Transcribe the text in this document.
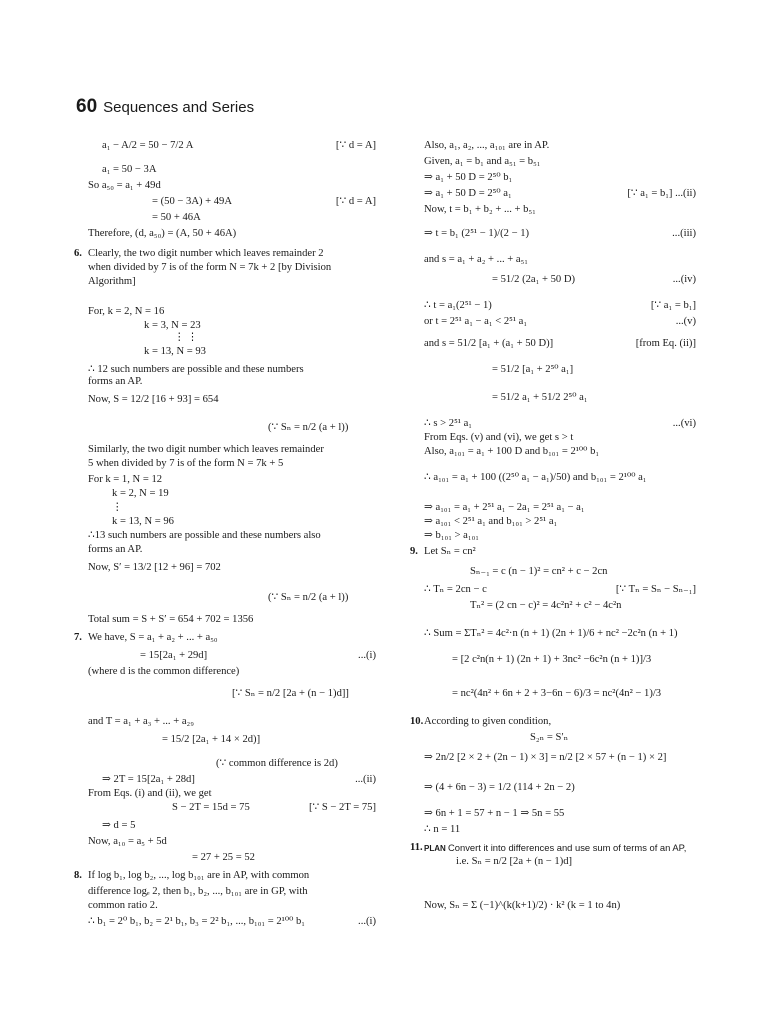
60 Sequences and Series
a₁ − A/2 = 50 − 7/2 A	[∵ d = A]
a₁ = 50 − 3A
So a₅₀ = a₁ + 49d
= (50 − 3A) + 49A	[∵ d = A]
= 50 + 46A
Therefore, (d, a₅₀) = (A, 50 + 46A)
6. Clearly, the two digit number which leaves remainder 2
when divided by 7 is of the form N = 7k + 2 [by Division
Algorithm]
For, k = 2, N = 16
k = 3, N = 23
⋮ ⋮
k = 13, N = 93
∴ 12 such numbers are possible and these numbers
forms an AP.
Now, S = 12/2 [16 + 93] = 654
(∵ Sₙ = n/2 (a + l))
Similarly, the two digit number which leaves remainder
5 when divided by 7 is of the form N = 7k + 5
For k = 1, N = 12
k = 2, N = 19
⋮
k = 13, N = 96
∴13 such numbers are possible and these numbers also
forms an AP.
Now, S′ = 13/2 [12 + 96] = 702
(∵ Sₙ = n/2 (a + l))
Total sum = S + S′ = 654 + 702 = 1356
7. We have, S = a₁ + a₂ + ... + a₅₀
= 15[2a₁ + 29d]	...(i)
(where d is the common difference)
[∵ Sₙ = n/2 [2a + (n − 1)d]]
and T = a₁ + a₃ + ... + a₂₉
= 15/2 [2a₁ + 14 × 2d)]
(∵ common difference is 2d)
⇒ 2T = 15[2a₁ + 28d]	...(ii)
From Eqs. (i) and (ii), we get
S − 2T = 15d = 75	[∵ S − 2T = 75]
⇒ d = 5
Now, a₁₀ = a₅ + 5d
= 27 + 25 = 52
8. If log b₁, log b₂, ..., log b₁₀₁ are in AP, with common
difference logₑ 2, then b₁, b₂, ..., b₁₀₁ are in GP, with
common ratio 2.
∴ b₁ = 2⁰ b₁, b₂ = 2¹ b₁, b₃ = 2² b₁, ..., b₁₀₁ = 2¹⁰⁰ b₁	...(i)
Also, a₁, a₂, ..., a₁₀₁ are in AP.
Given, a₁ = b₁ and a₅₁ = b₅₁
⇒ a₁ + 50 D = 2⁵⁰ b₁
⇒ a₁ + 50 D = 2⁵⁰ a₁	[∵ a₁ = b₁] ...(ii)
Now, t = b₁ + b₂ + ... + b₅₁
⇒ t = b₁ (2⁵¹ − 1)/(2 − 1)	...(iii)
and s = a₁ + a₂ + ... + a₅₁
= 51/2 (2a₁ + 50 D)	...(iv)
∴ t = a₁(2⁵¹ − 1)	[∵ a₁ = b₁]
or t = 2⁵¹ a₁ − a₁ < 2⁵¹ a₁	...(v)
and s = 51/2 [a₁ + (a₁ + 50 D)]	[from Eq. (ii)]
= 51/2 [a₁ + 2⁵⁰ a₁]
= 51/2 a₁ + 51/2 2⁵⁰ a₁
∴ s > 2⁵¹ a₁	...(vi)
From Eqs. (v) and (vi), we get s > t
Also, a₁₀₁ = a₁ + 100 D and b₁₀₁ = 2¹⁰⁰ b₁
∴ a₁₀₁ = a₁ + 100 ((2⁵⁰ a₁ − a₁)/50) and b₁₀₁ = 2¹⁰⁰ a₁
⇒ a₁₀₁ = a₁ + 2⁵¹ a₁ − 2a₁ = 2⁵¹ a₁ − a₁
⇒ a₁₀₁ < 2⁵¹ a₁ and b₁₀₁ > 2⁵¹ a₁
⇒ b₁₀₁ > a₁₀₁
9. Let Sₙ = cn²
Sₙ₋₁ = c (n − 1)² = cn² + c − 2cn
∴ Tₙ = 2cn − c	[∵ Tₙ = Sₙ − Sₙ₋₁]
Tₙ² = (2 cn − c)² = 4c²n² + c² − 4c²n
∴ Sum = ΣTₙ² = 4c²·n (n + 1) (2n + 1)/6 + nc² −2c²n (n + 1)
= [2 c²n(n + 1) (2n + 1) + 3nc² −6c²n (n + 1)]/3
= nc²(4n² + 6n + 2 + 3−6n − 6)/3 = nc²(4n² − 1)/3
10. According to given condition,
S₂ₙ = S′ₙ
⇒ 2n/2 [2 × 2 + (2n − 1) × 3] = n/2 [2 × 57 + (n − 1) × 2]
⇒ (4 + 6n − 3) = 1/2 (114 + 2n − 2)
⇒ 6n + 1 = 57 + n − 1 ⇒ 5n = 55
∴ n = 11
11. PLAN Convert it into differences and use sum of terms of an AP,
i.e. Sₙ = n/2 [2a + (n − 1)d]
Now, Sₙ = Σ (−1)^(k(k+1)/2) · k² (k = 1 to 4n)
